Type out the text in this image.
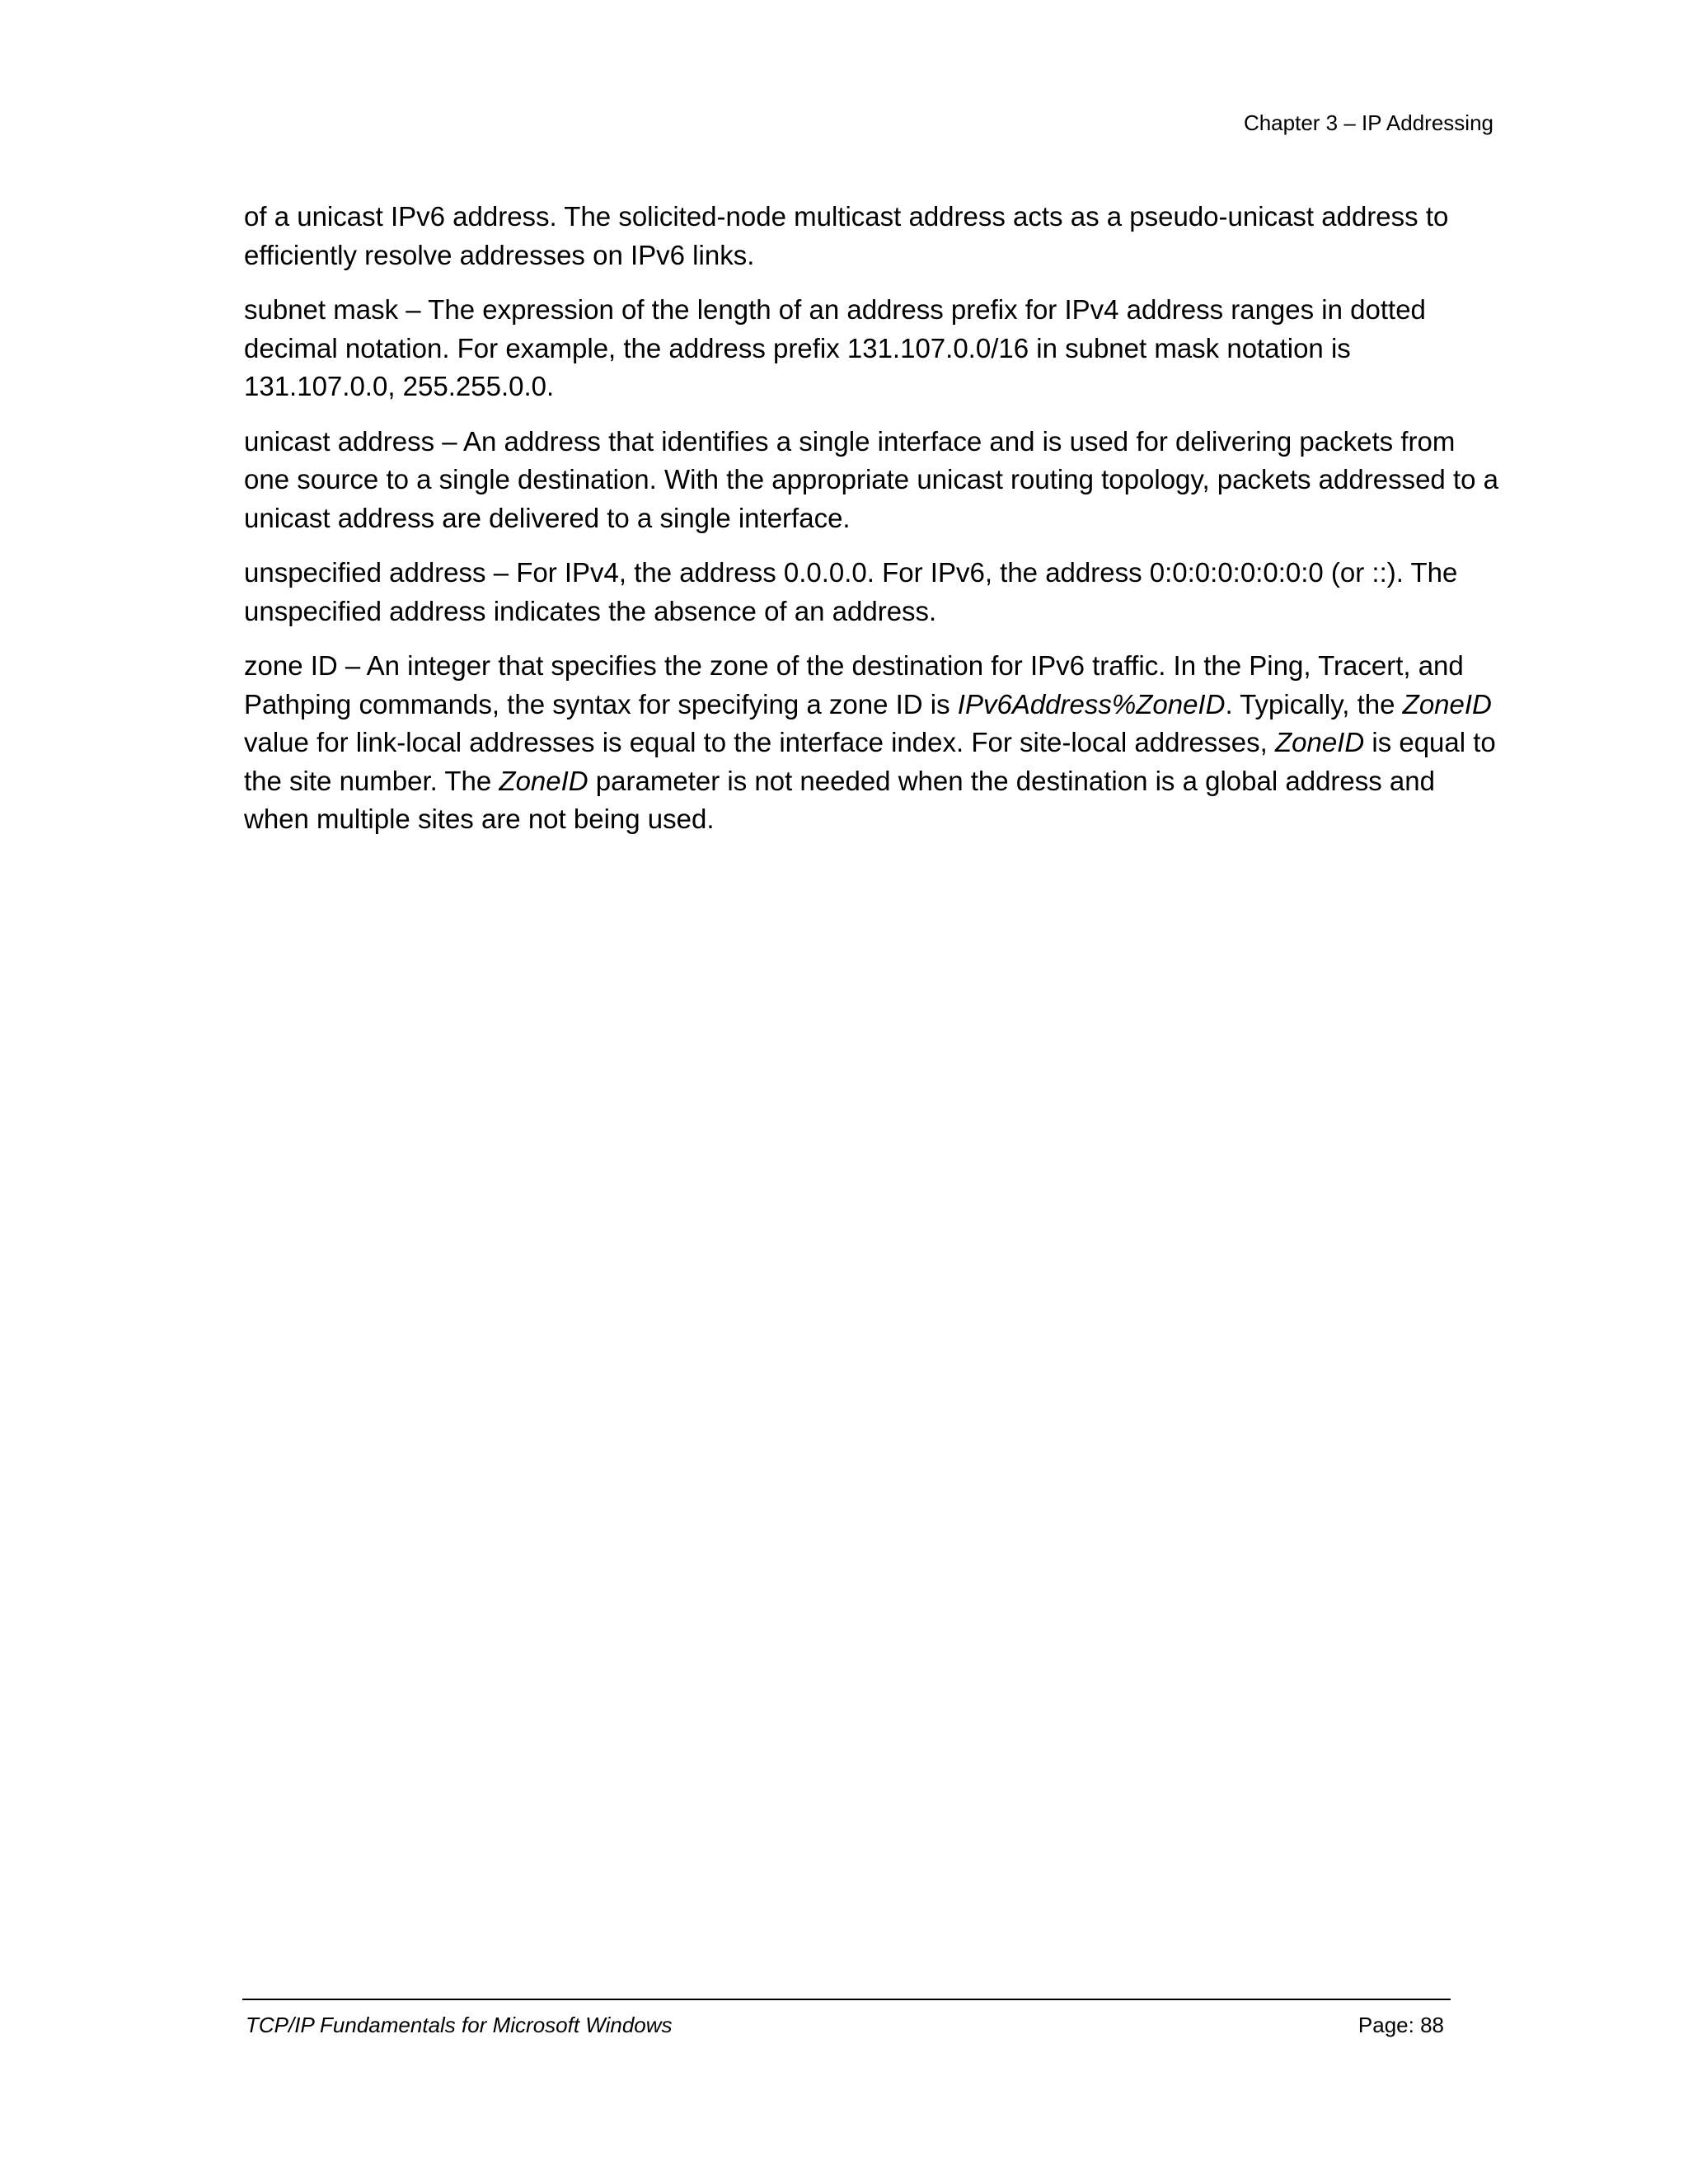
Chapter 3 – IP Addressing

of a unicast IPv6 address. The solicited-node multicast address acts as a pseudo-unicast address to efficiently resolve addresses on IPv6 links.

subnet mask – The expression of the length of an address prefix for IPv4 address ranges in dotted decimal notation. For example, the address prefix 131.107.0.0/16 in subnet mask notation is 131.107.0.0, 255.255.0.0.

unicast address – An address that identifies a single interface and is used for delivering packets from one source to a single destination. With the appropriate unicast routing topology, packets addressed to a unicast address are delivered to a single interface.

unspecified address – For IPv4, the address 0.0.0.0. For IPv6, the address 0:0:0:0:0:0:0:0 (or ::). The unspecified address indicates the absence of an address.

zone ID – An integer that specifies the zone of the destination for IPv6 traffic. In the Ping, Tracert, and Pathping commands, the syntax for specifying a zone ID is IPv6Address%ZoneID. Typically, the ZoneID value for link-local addresses is equal to the interface index. For site-local addresses, ZoneID is equal to the site number. The ZoneID parameter is not needed when the destination is a global address and when multiple sites are not being used.

TCP/IP Fundamentals for Microsoft Windows	Page: 88
